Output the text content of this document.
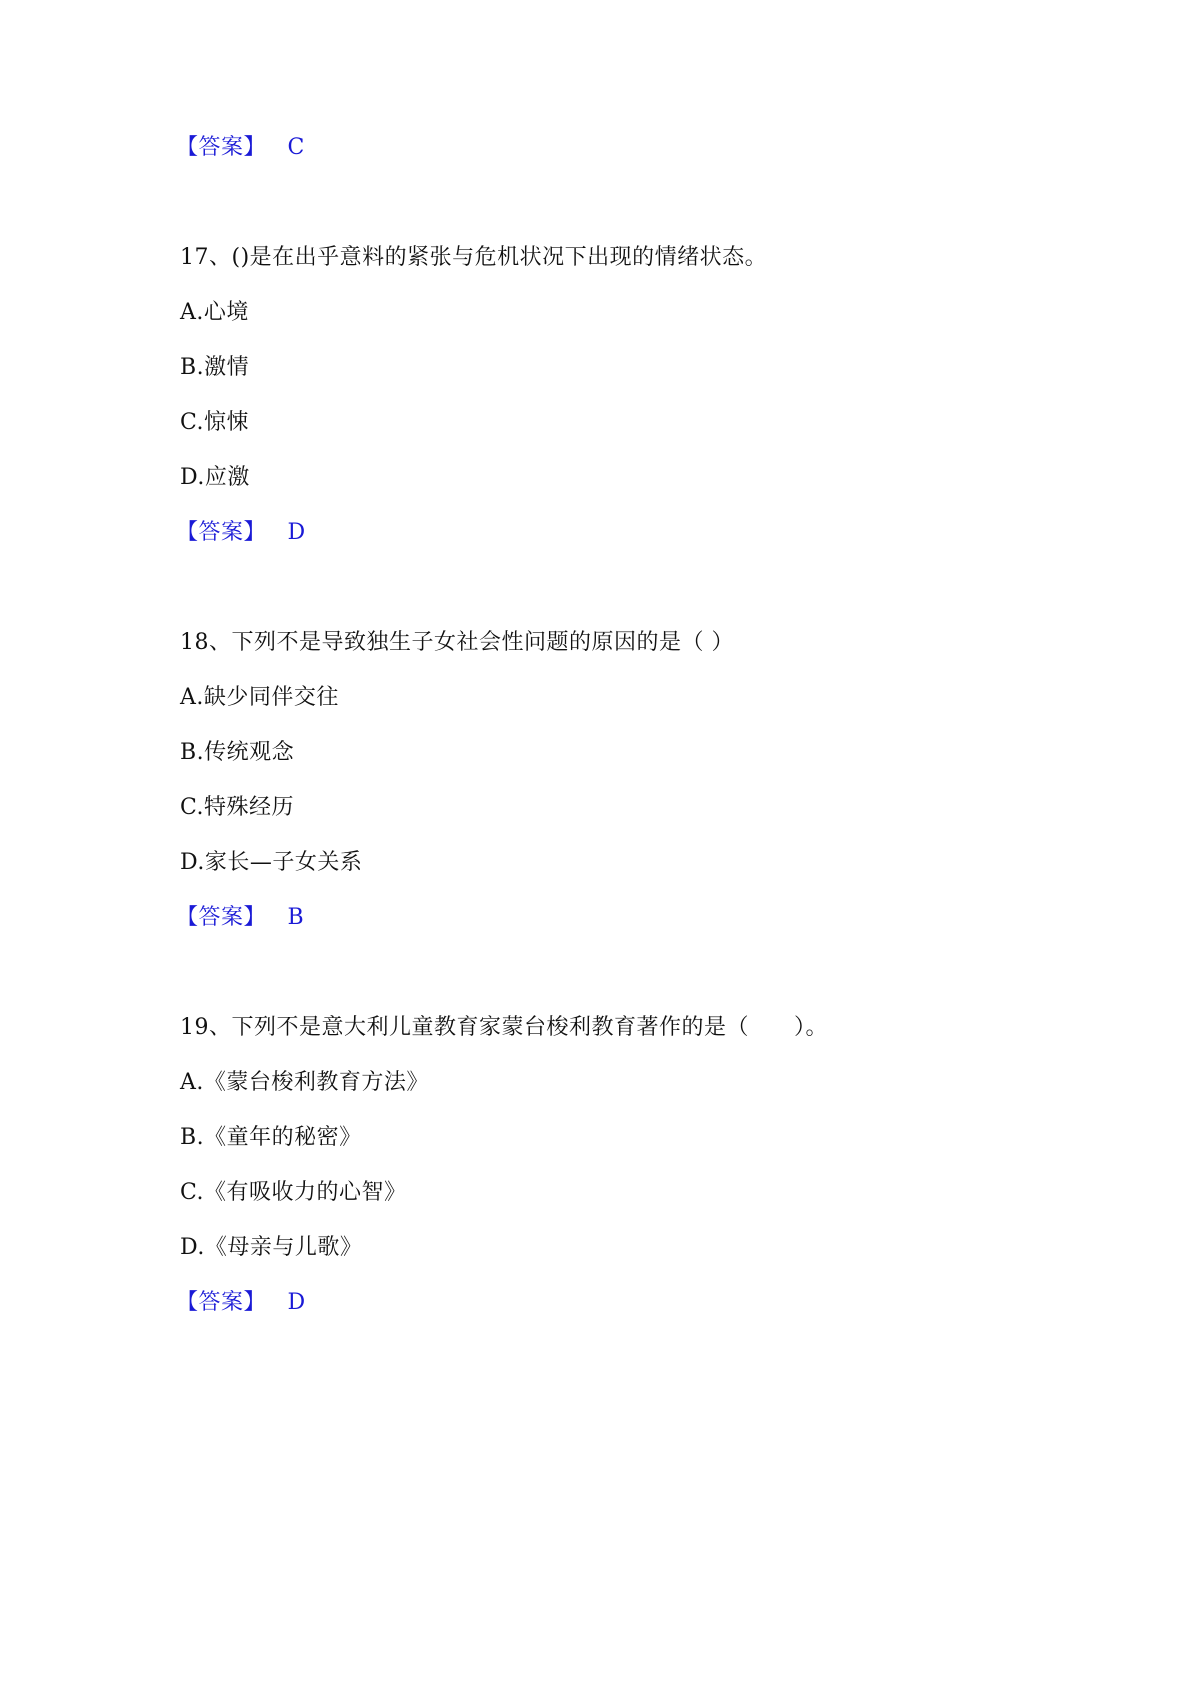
【答案】 C
17、()是在出乎意料的紧张与危机状况下出现的情绪状态。
A.心境
B.激情
C.惊悚
D.应激
【答案】 D
18、下列不是导致独生子女社会性问题的原因的是（ ）
A.缺少同伴交往
B.传统观念
C.特殊经历
D.家长—子女关系
【答案】 B
19、下列不是意大利儿童教育家蒙台梭利教育著作的是（　　）。
A.《蒙台梭利教育方法》
B.《童年的秘密》
C.《有吸收力的心智》
D.《母亲与儿歌》
【答案】 D
